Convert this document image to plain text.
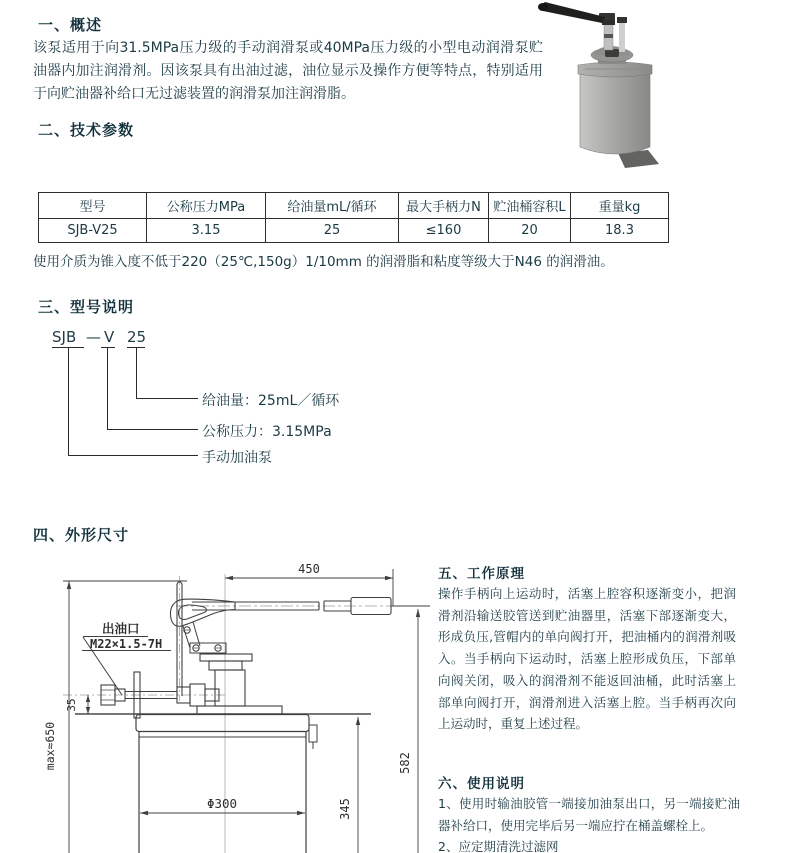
一、概述
该泵适用于向31.5MPa压力级的手动润滑泵或40MPa压力级的小型电动润滑泵贮油器内加注润滑剂。因该泵具有出油过滤，油位显示及操作方便等特点，特别适用于向贮油器补给口无过滤装置的润滑泵加注润滑脂。
二、技术参数
型号	公称压力MPa	给油量mL/循环	最大手柄力N	贮油桶容积L	重量kg
SJB-V25	3.15	25	≤160	20	18.3
使用介质为锥入度不低于220（25℃,150g）1/10mm 的润滑脂和粘度等级大于N46 的润滑油。
三、型号说明
SJB — V 25
给油量：25mL／循环
公称压力：3.15MPa
手动加油泵
四、外形尺寸
450
max≈650
35
582
345
Φ300
出油口
M22×1.5-7H
五、工作原理
操作手柄向上运动时，活塞上腔容积逐渐变小，把润滑剂沿输送胶管送到贮油器里，活塞下部逐渐变大，形成负压,管帽内的单向阀打开，把油桶内的润滑剂吸入。当手柄向下运动时，活塞上腔形成负压，下部单向阀关闭，吸入的润滑剂不能返回油桶，此时活塞上部单向阀打开，润滑剂进入活塞上腔。当手柄再次向上运动时，重复上述过程。
六、使用说明
1、使用时输油胶管一端接加油泵出口，另一端接贮油器补给口，使用完毕后另一端应拧在桶盖螺栓上。
2、应定期清洗过滤网
